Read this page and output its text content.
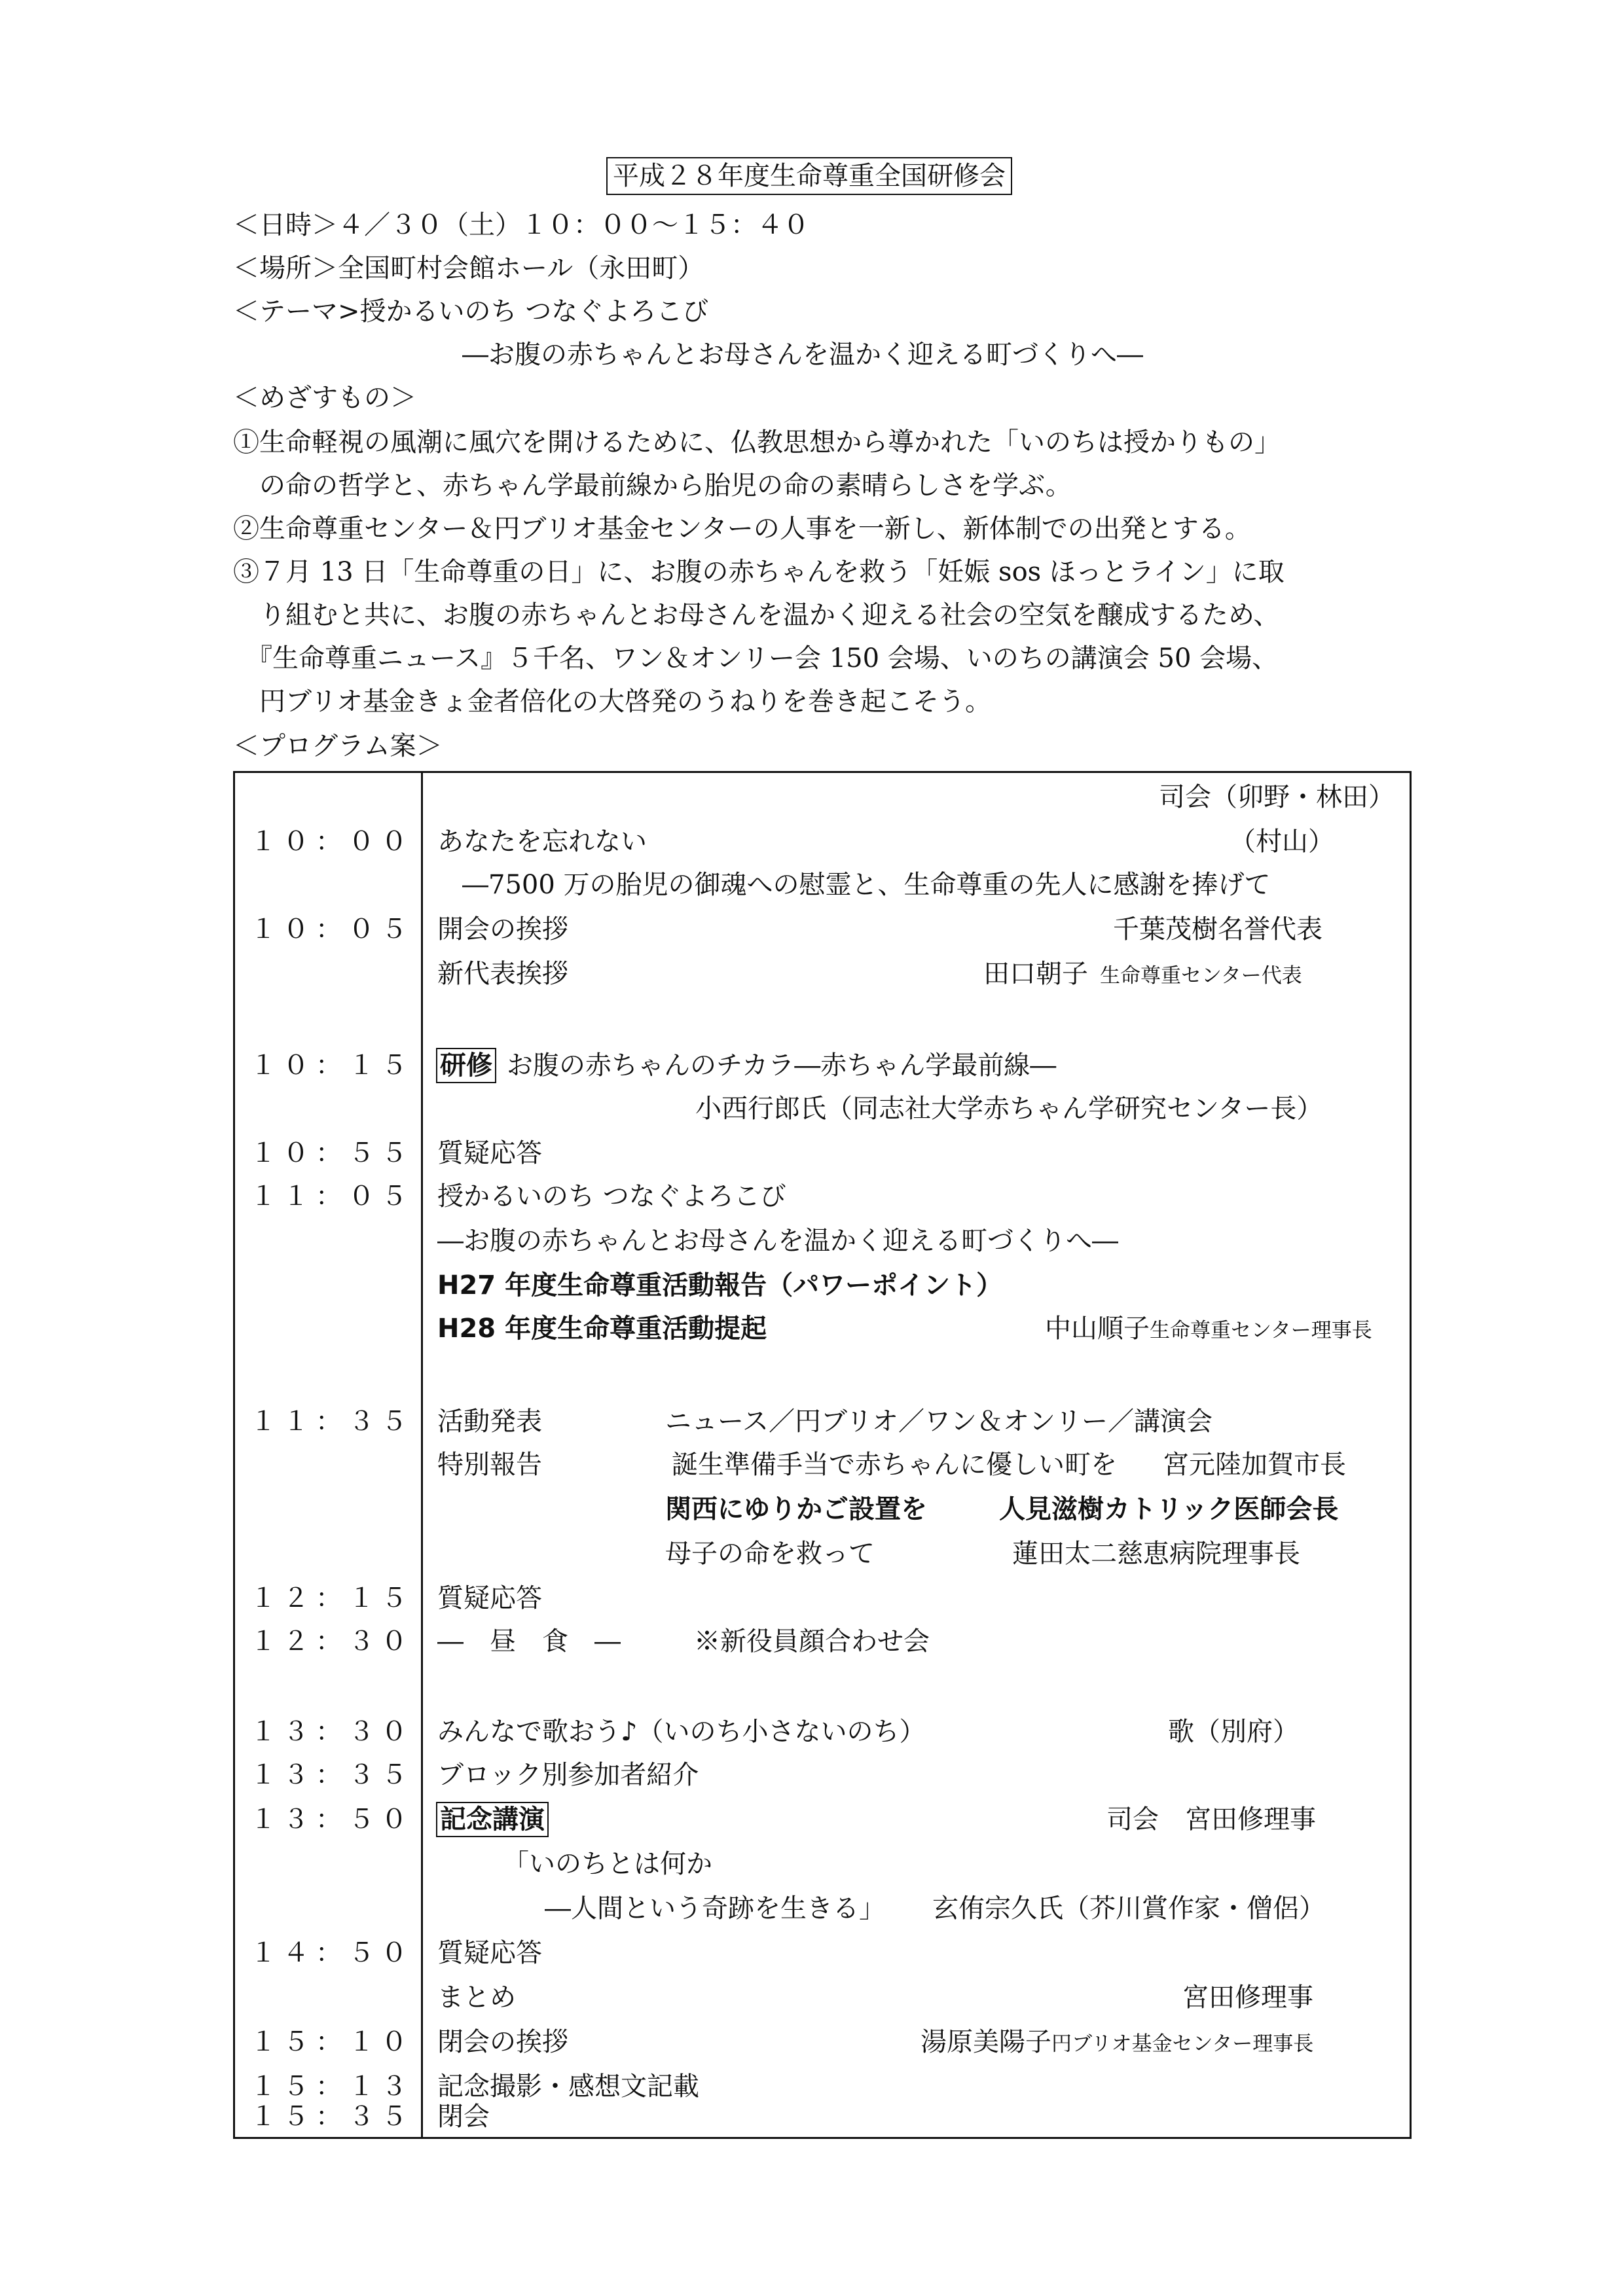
平成２８年度生命尊重全国研修会
＜日時＞４／３０（土）１０：００～１５：４０
＜場所＞全国町村会館ホール（永田町）
＜テーマ>授かるいのち つなぐよろこび
―お腹の赤ちゃんとお母さんを温かく迎える町づくりへ―
＜めざすもの＞
①生命軽視の風潮に風穴を開けるために、仏教思想から導かれた「いのちは授かりもの」
　の命の哲学と、赤ちゃん学最前線から胎児の命の素晴らしさを学ぶ。
②生命尊重センター＆円ブリオ基金センターの人事を一新し、新体制での出発とする。
③７月 13 日「生命尊重の日」に、お腹の赤ちゃんを救う「妊娠 sos ほっとライン」に取
　り組むと共に、お腹の赤ちゃんとお母さんを温かく迎える社会の空気を醸成するため、
　『生命尊重ニュース』５千名、ワン＆オンリー会 150 会場、いのちの講演会 50 会場、
　円ブリオ基金きょ金者倍化の大啓発のうねりを巻き起こそう。
＜プログラム案＞
司会（卯野・林田）
１０：００ あなたを忘れない	（村山）
―7500 万の胎児の御魂への慰霊と、生命尊重の先人に感謝を捧げて
１０：０５ 開会の挨拶	千葉茂樹名誉代表
新代表挨拶	田口朝子 生命尊重センター代表
１０：１５ 研修 お腹の赤ちゃんのチカラ―赤ちゃん学最前線―
小西行郎氏（同志社大学赤ちゃん学研究センター長）
１０：５５ 質疑応答
１１：０５ 授かるいのち つなぐよろこび
―お腹の赤ちゃんとお母さんを温かく迎える町づくりへ―
H27 年度生命尊重活動報告（パワーポイント）
H28 年度生命尊重活動提起	中山順子生命尊重センター理事長
１１：３５ 活動発表	ニュース／円ブリオ／ワン＆オンリー／講演会
特別報告	誕生準備手当で赤ちゃんに優しい町を 宮元陸加賀市長
関西にゆりかご設置を	人見滋樹カトリック医師会長
母子の命を救って	蓮田太二慈恵病院理事長
１２：１５ 質疑応答
１２：３０ ―　昼　食　―	※新役員顔合わせ会
１３：３０ みんなで歌おう♪（いのち小さないのち）	歌（別府）
１３：３５ ブロック別参加者紹介
１３：５０ 記念講演	司会　宮田修理事
「いのちとは何か
―人間という奇跡を生きる」 玄侑宗久氏（芥川賞作家・僧侶）
１４：５０ 質疑応答
まとめ	宮田修理事
１５：１０ 閉会の挨拶	湯原美陽子円ブリオ基金センター理事長
１５：１３ 記念撮影・感想文記載
１５：３５ 閉会
